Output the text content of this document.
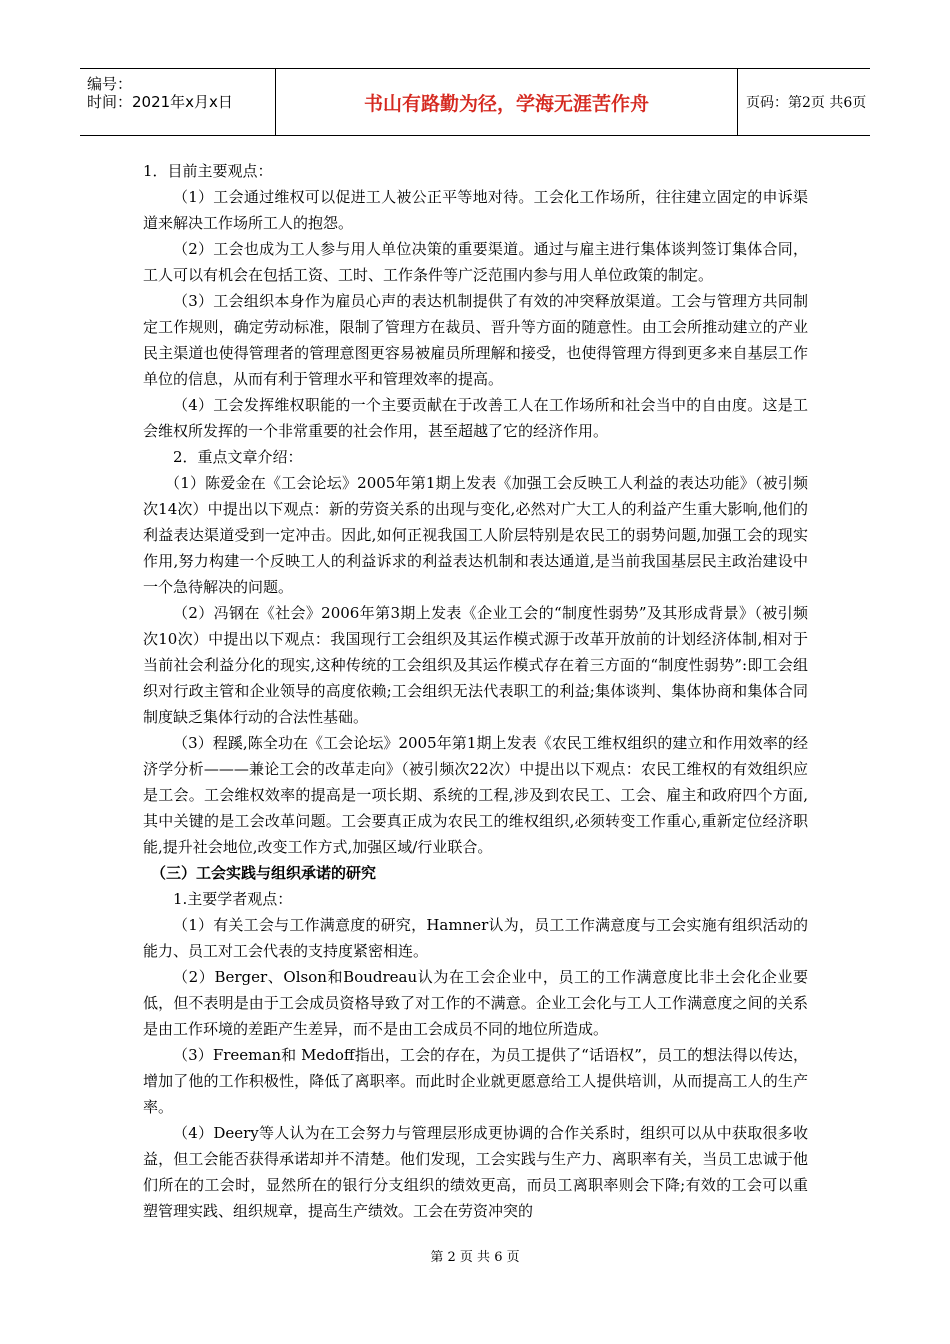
编号：
时间：2021年x月x日	书山有路勤为径，学海无涯苦作舟	页码：第2页 共6页

1．目前主要观点：

（1）工会通过维权可以促进工人被公正平等地对待。工会化工作场所，往往建立固定的申诉渠道来解决工作场所工人的抱怨。

（2）工会也成为工人参与用人单位决策的重要渠道。通过与雇主进行集体谈判签订集体合同，工人可以有机会在包括工资、工时、工作条件等广泛范围内参与用人单位政策的制定。

（3）工会组织本身作为雇员心声的表达机制提供了有效的冲突释放渠道。工会与管理方共同制定工作规则，确定劳动标准，限制了管理方在裁员、晋升等方面的随意性。由工会所推动建立的产业民主渠道也使得管理者的管理意图更容易被雇员所理解和接受，也使得管理方得到更多来自基层工作单位的信息，从而有利于管理水平和管理效率的提高。

（4）工会发挥维权职能的一个主要贡献在于改善工人在工作场所和社会当中的自由度。这是工会维权所发挥的一个非常重要的社会作用，甚至超越了它的经济作用。

2．重点文章介绍：

（1）陈爱金在《工会论坛》2005年第1期上发表《加强工会反映工人利益的表达功能》（被引频次14次）中提出以下观点：新的劳资关系的出现与变化,必然对广大工人的利益产生重大影响,他们的利益表达渠道受到一定冲击。因此,如何正视我国工人阶层特别是农民工的弱势问题,加强工会的现实作用,努力构建一个反映工人的利益诉求的利益表达机制和表达通道,是当前我国基层民主政治建设中一个急待解决的问题。

（2）冯钢在《社会》2006年第3期上发表《企业工会的“制度性弱势”及其形成背景》（被引频次10次）中提出以下观点：我国现行工会组织及其运作模式源于改革开放前的计划经济体制,相对于当前社会利益分化的现实,这种传统的工会组织及其运作模式存在着三方面的“制度性弱势”:即工会组织对行政主管和企业领导的高度依赖;工会组织无法代表职工的利益;集体谈判、集体协商和集体合同制度缺乏集体行动的合法性基础。

（3）程蹊,陈全功在《工会论坛》2005年第1期上发表《农民工维权组织的建立和作用效率的经济学分析———兼论工会的改革走向》（被引频次22次）中提出以下观点：农民工维权的有效组织应是工会。工会维权效率的提高是一项长期、系统的工程,涉及到农民工、工会、雇主和政府四个方面,其中关键的是工会改革问题。工会要真正成为农民工的维权组织,必须转变工作重心,重新定位经济职能,提升社会地位,改变工作方式,加强区域/行业联合。

（三）工会实践与组织承诺的研究

1.主要学者观点：

（1）有关工会与工作满意度的研究，Hamner认为，员工工作满意度与工会实施有组织活动的能力、员工对工会代表的支持度紧密相连。

（2）Berger、Olson和Boudreau认为在工会企业中，员工的工作满意度比非土会化企业要低，但不表明是由于工会成员资格导致了对工作的不满意。企业工会化与工人工作满意度之间的关系是由工作环境的差距产生差异，而不是由工会成员不同的地位所造成。

（3）Freeman和 Medoff指出，工会的存在，为员工提供了“话语权”，员工的想法得以传达，增加了他的工作积极性，降低了离职率。而此时企业就更愿意给工人提供培训，从而提高工人的生产率。

（4）Deery等人认为在工会努力与管理层形成更协调的合作关系时，组织可以从中获取很多收益，但工会能否获得承诺却并不清楚。他们发现，工会实践与生产力、离职率有关，当员工忠诚于他们所在的工会时，显然所在的银行分支组织的绩效更高，而员工离职率则会下降;有效的工会可以重塑管理实践、组织规章，提高生产绩效。工会在劳资冲突的

第 2 页 共 6 页
